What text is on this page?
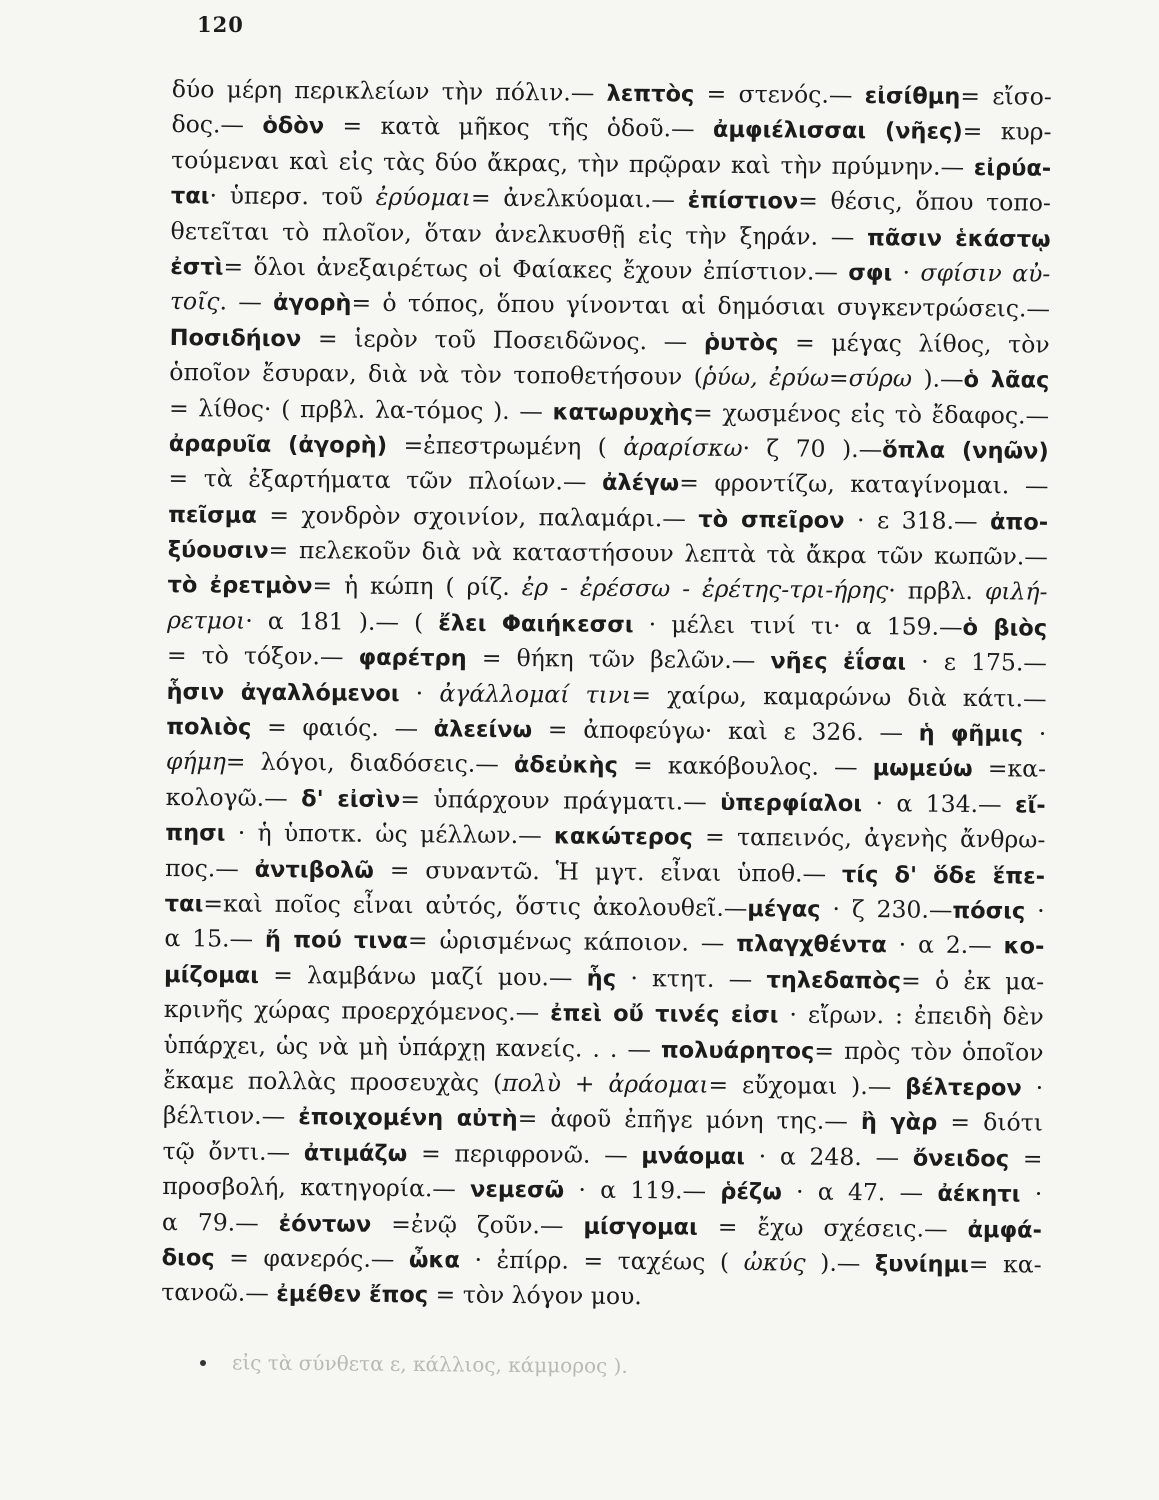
120
δύο μέρη περικλείων τὴν πόλιν.— λεπτὸς = στενός.— εἰσίθμη= εἴσο-
δος.— ὁδὸν = κατὰ μῆκος τῆς ὁδοῦ.— ἀμφιέλισσαι (νῆες)= κυρ-
τούμεναι καὶ εἰς τὰς δύο ἄκρας, τὴν πρῷραν καὶ τὴν πρύμνην.— εἰρύα-
ται· ὑπερσ. τοῦ ἐρύομαι= ἀνελκύομαι.— ἐπίστιον= θέσις, ὅπου τοπο-
θετεῖται τὸ πλοῖον, ὅταν ἀνελκυσθῇ εἰς τὴν ξηράν. — πᾶσιν ἑκάστῳ
ἐστὶ= ὅλοι ἀνεξαιρέτως οἱ Φαίακες ἔχουν ἐπίστιον.— σφι · σφίσιν αὐ-
τοῖς. — ἀγορὴ= ὁ τόπος, ὅπου γίνονται αἱ δημόσιαι συγκεντρώσεις.—
Ποσιδήιον = ἱερὸν τοῦ Ποσειδῶνος. — ῥυτὸς = μέγας λίθος, τὸν
ὁποῖον ἔσυραν, διὰ νὰ τὸν τοποθετήσουν (ῥύω, ἐρύω=σύρω ).—ὁ λᾶας
= λίθος· ( πρβλ. λα-τόμος ). — κατωρυχὴς= χωσμένος εἰς τὸ ἔδαφος.—
ἀραρυῖα (ἀγορὴ) =ἐπεστρωμένη ( ἀραρίσκω· ζ 70 ).—ὅπλα (νηῶν)
= τὰ ἐξαρτήματα τῶν πλοίων.— ἀλέγω= φροντίζω, καταγίνομαι. —
πεῖσμα = χονδρὸν σχοινίον, παλαμάρι.— τὸ σπεῖρον · ε 318.— ἀπο-
ξύουσιν= πελεκοῦν διὰ νὰ καταστήσουν λεπτὰ τὰ ἄκρα τῶν κωπῶν.—
τὸ ἐρετμὸν= ἡ κώπη ( ρίζ. ἐρ - ἐρέσσω - ἐρέτης-τρι-ήρης· πρβλ. φιλή-
ρετμοι· α 181 ).— ( ἔλει Φαιήκεσσι · μέλει τινί τι· α 159.—ὁ βιὸς
= τὸ τόξον.— φαρέτρη = θήκη τῶν βελῶν.— νῆες ἐΐσαι · ε 175.—
ἧσιν ἀγαλλόμενοι · ἀγάλλομαί τινι= χαίρω, καμαρώνω διὰ κάτι.—
πολιὸς = φαιός. — ἀλεείνω = ἀποφεύγω· καὶ ε 326. — ἡ φῆμις ·
φήμη= λόγοι, διαδόσεις.— ἀδεὐκὴς = κακόβουλος. — μωμεύω =κα-
κολογῶ.— δ' εἰσὶν= ὑπάρχουν πράγματι.— ὑπερφίαλοι · α 134.— εἴ-
πησι · ἡ ὑποτκ. ὡς μέλλων.— κακώτερος = ταπεινός, ἀγενὴς ἄνθρω-
πος.— ἀντιβολῶ = συναντῶ. Ἡ μγτ. εἶναι ὑποθ.— τίς δ' ὅδε ἕπε-
ται=καὶ ποῖος εἶναι αὐτός, ὅστις ἀκολουθεῖ.—μέγας · ζ 230.—πόσις ·
α 15.— ἤ πού τινα= ὡρισμένως κάποιον. — πλαγχθέντα · α 2.— κο-
μίζομαι = λαμβάνω μαζί μου.— ἧς · κτητ. — τηλεδαπὸς= ὁ ἐκ μα-
κρινῆς χώρας προερχόμενος.— ἐπεὶ οὔ τινές εἰσι · εἴρων. : ἐπειδὴ δὲν
ὑπάρχει, ὡς νὰ μὴ ὑπάρχῃ κανείς. . . — πολυάρητος= πρὸς τὸν ὁποῖον
ἔκαμε πολλὰς προσευχὰς (πολὺ + ἀράομαι= εὔχομαι ).— βέλτερον ·
βέλτιον.— ἐποιχομένη αὐτὴ= ἀφοῦ ἐπῆγε μόνη της.— ἢ γὰρ = διότι
τῷ ὄντι.— ἀτιμάζω = περιφρονῶ. — μνάομαι · α 248. — ὄνειδος =
προσβολή, κατηγορία.— νεμεσῶ · α 119.— ῥέζω · α 47. — ἀέκητι ·
α 79.— ἐόντων =ἐνῷ ζοῦν.— μίσγομαι = ἔχω σχέσεις.— ἀμφά-
διος = φανερός.— ὦκα · ἐπίρρ. = ταχέως ( ὠκύς ).— ξυνίημι= κα-
τανοῶ.— ἐμέθεν ἔπος = τὸν λόγον μου.
εἰς τὰ σύνθετα ε, κάλλιος, κάμμορος ).
